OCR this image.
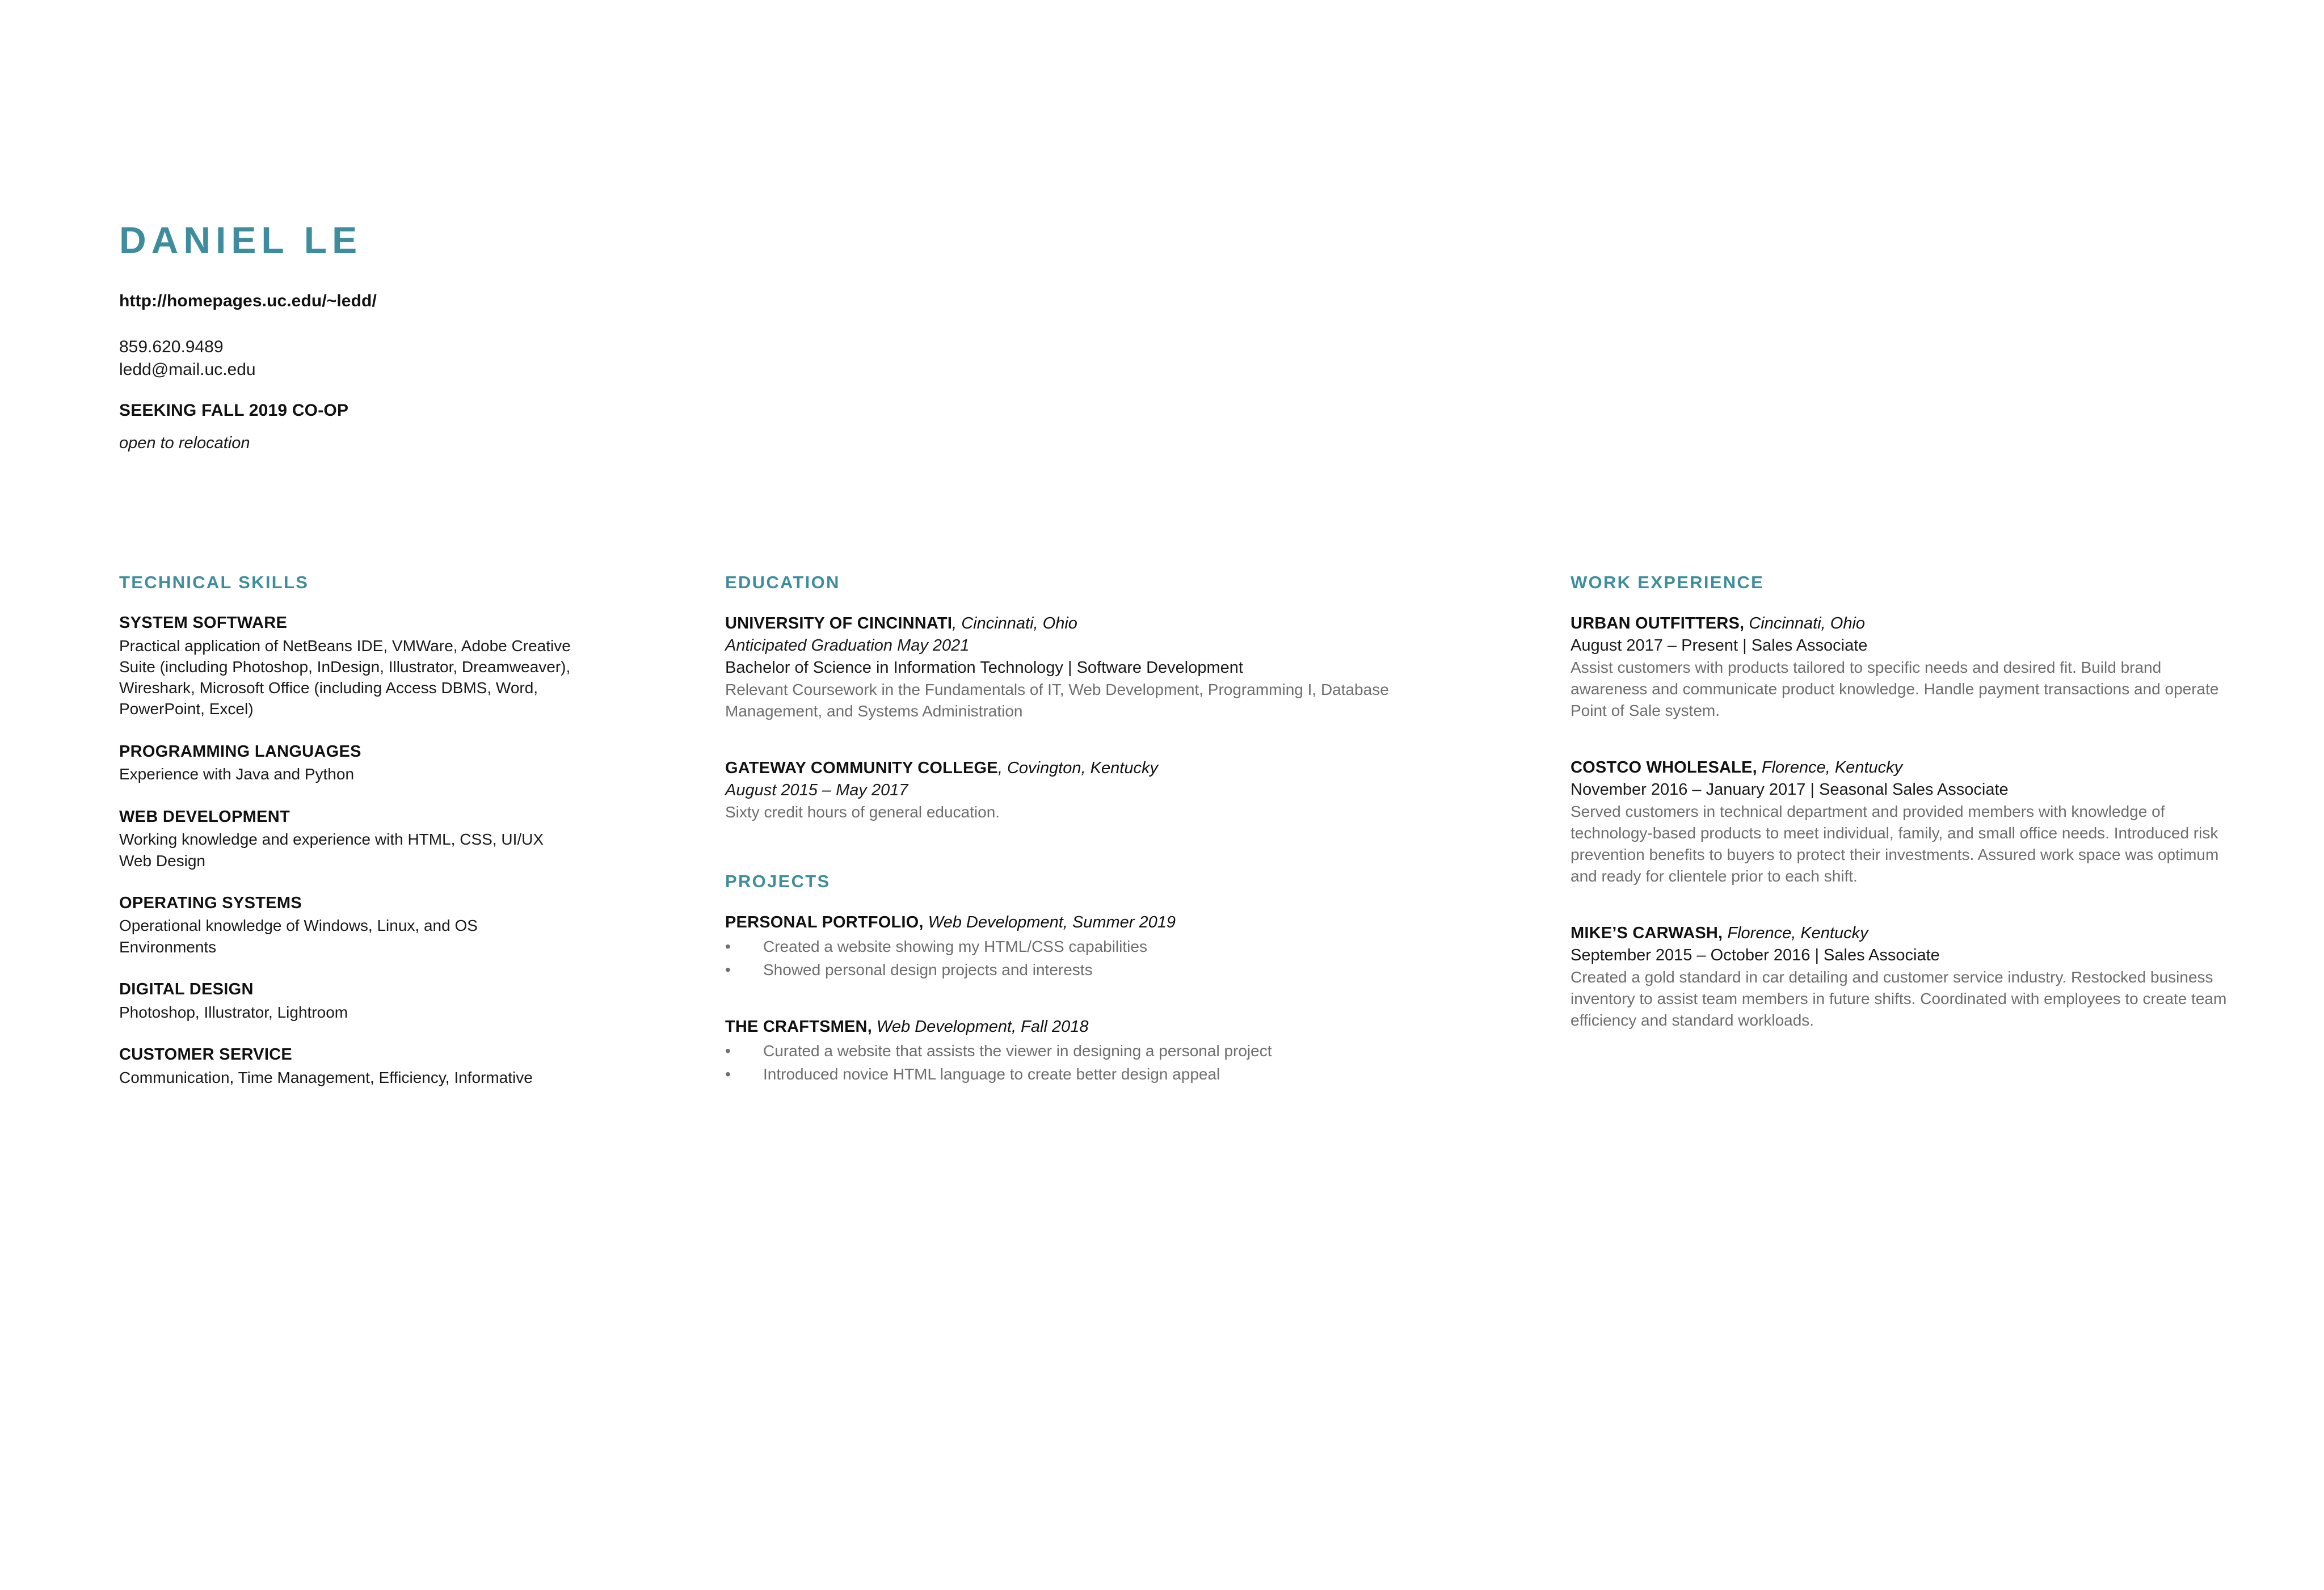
DANIEL LE
http://homepages.uc.edu/~ledd/
859.620.9489
ledd@mail.uc.edu
SEEKING FALL 2019 CO-OP
open to relocation
TECHNICAL SKILLS
SYSTEM SOFTWARE
Practical application of NetBeans IDE, VMWare, Adobe Creative Suite (including Photoshop, InDesign, Illustrator, Dreamweaver), Wireshark, Microsoft Office (including Access DBMS, Word, PowerPoint, Excel)
PROGRAMMING LANGUAGES
Experience with Java and Python
WEB DEVELOPMENT
Working knowledge and experience with HTML, CSS, UI/UX Web Design
OPERATING SYSTEMS
Operational knowledge of Windows, Linux, and OS Environments
DIGITAL DESIGN
Photoshop, Illustrator, Lightroom
CUSTOMER SERVICE
Communication, Time Management, Efficiency, Informative
EDUCATION

UNIVERSITY OF CINCINNATI, Cincinnati, Ohio

Anticipated Graduation May 2021

Bachelor of Science in Information Technology | Software Development

Relevant Coursework in the Fundamentals of IT, Web Development, Programming I, Database Management, and Systems Administration

GATEWAY COMMUNITY COLLEGE, Covington, Kentucky

August 2015 – May 2017

Sixty credit hours of general education.

PROJECTS

PERSONAL PORTFOLIO, Web Development, Summer 2019

•	Created a website showing my HTML/CSS capabilities
•	Showed personal design projects and interests

THE CRAFTSMEN, Web Development, Fall 2018

•	Curated a website that assists the viewer in designing a personal project
•	Introduced novice HTML language to create better design appeal
WORK EXPERIENCE

URBAN OUTFITTERS, Cincinnati, Ohio

August 2017 – Present | Sales Associate

Assist customers with products tailored to specific needs and desired fit. Build brand awareness and communicate product knowledge. Handle payment transactions and operate Point of Sale system.

COSTCO WHOLESALE, Florence, Kentucky

November 2016 – January 2017 | Seasonal Sales Associate

Served customers in technical department and provided members with knowledge of technology-based products to meet individual, family, and small office needs. Introduced risk prevention benefits to buyers to protect their investments. Assured work space was optimum and ready for clientele prior to each shift.

MIKE’S CARWASH, Florence, Kentucky

September 2015 – October 2016 | Sales Associate

Created a gold standard in car detailing and customer service industry. Restocked business inventory to assist team members in future shifts. Coordinated with employees to create team efficiency and standard workloads.
